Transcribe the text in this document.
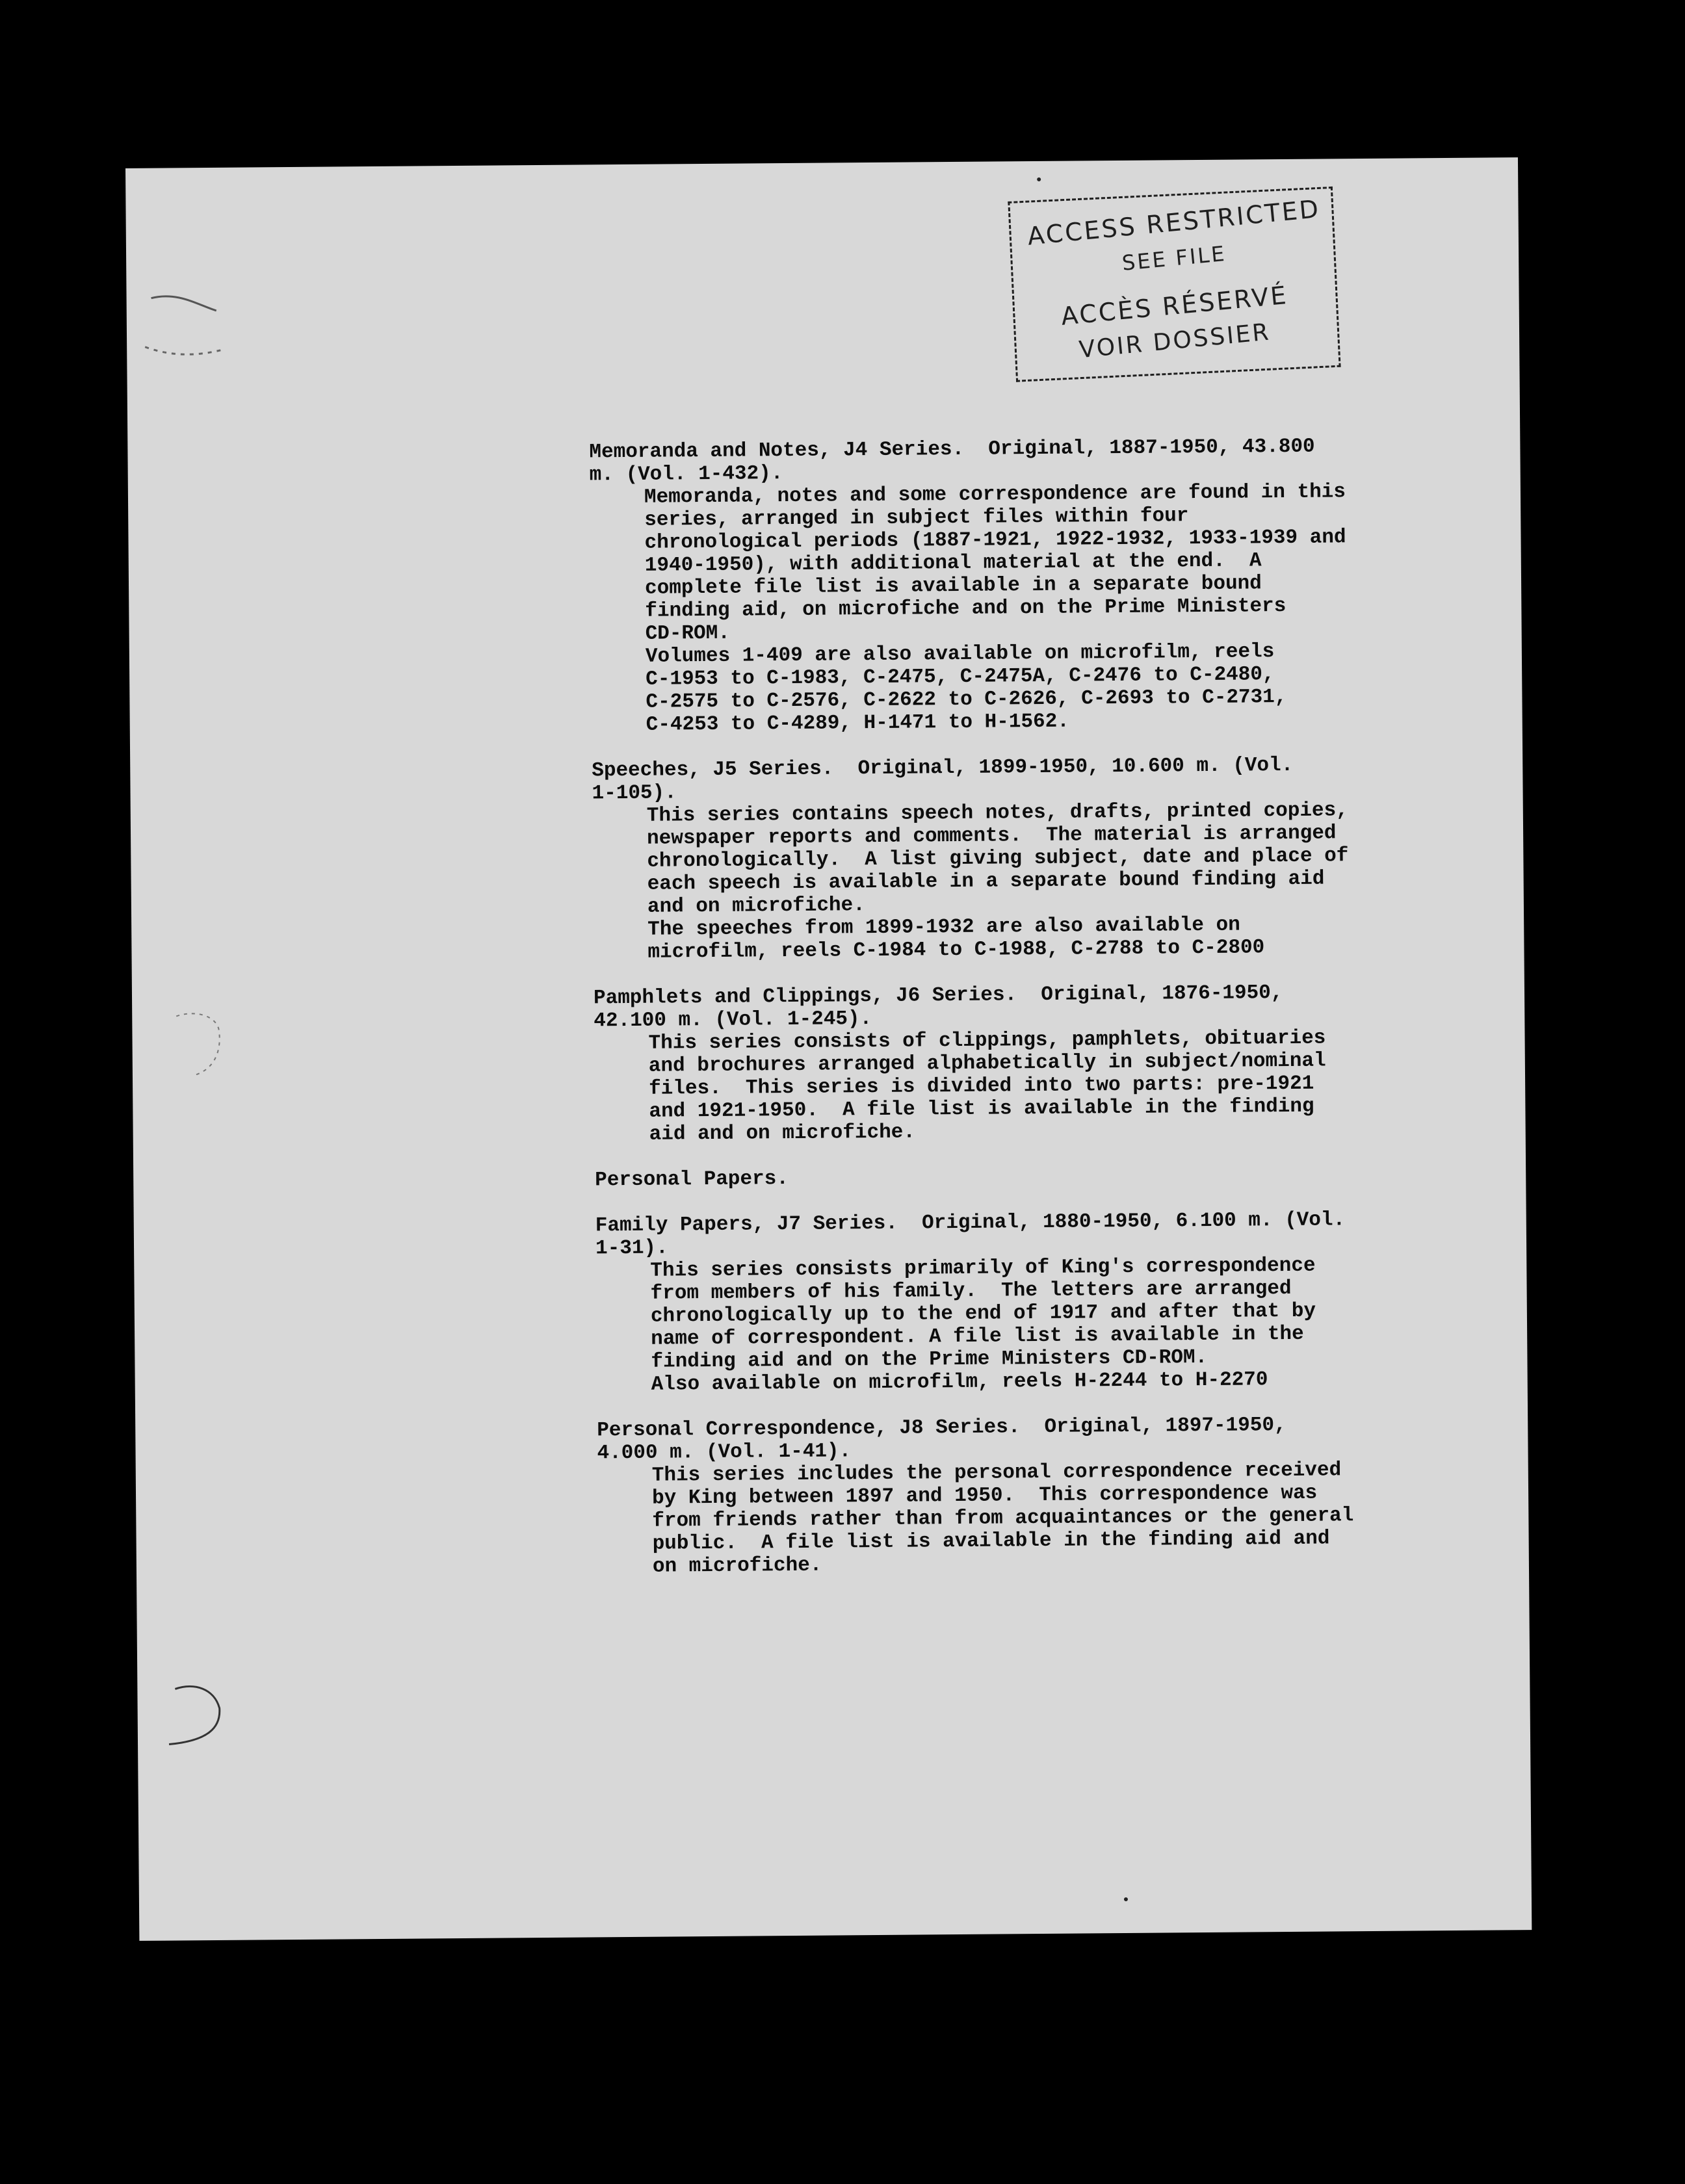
ACCESS RESTRICTED
SEE FILE
ACCÈS RÉSERVÉ
VOIR DOSSIER
Memoranda and Notes, J4 Series.  Original, 1887-1950, 43.800
m. (Vol. 1-432).
Memoranda, notes and some correspondence are found in this
series, arranged in subject files within four
chronological periods (1887-1921, 1922-1932, 1933-1939 and
1940-1950), with additional material at the end.  A
complete file list is available in a separate bound
finding aid, on microfiche and on the Prime Ministers
CD-ROM.
Volumes 1-409 are also available on microfilm, reels
C-1953 to C-1983, C-2475, C-2475A, C-2476 to C-2480,
C-2575 to C-2576, C-2622 to C-2626, C-2693 to C-2731,
C-4253 to C-4289, H-1471 to H-1562.
Speeches, J5 Series.  Original, 1899-1950, 10.600 m. (Vol.
1-105).
This series contains speech notes, drafts, printed copies,
newspaper reports and comments.  The material is arranged
chronologically.  A list giving subject, date and place of
each speech is available in a separate bound finding aid
and on microfiche.
The speeches from 1899-1932 are also available on
microfilm, reels C-1984 to C-1988, C-2788 to C-2800
Pamphlets and Clippings, J6 Series.  Original, 1876-1950,
42.100 m. (Vol. 1-245).
This series consists of clippings, pamphlets, obituaries
and brochures arranged alphabetically in subject/nominal
files.  This series is divided into two parts: pre-1921
and 1921-1950.  A file list is available in the finding
aid and on microfiche.
Personal Papers.
Family Papers, J7 Series.  Original, 1880-1950, 6.100 m. (Vol.
1-31).
This series consists primarily of King's correspondence
from members of his family.  The letters are arranged
chronologically up to the end of 1917 and after that by
name of correspondent. A file list is available in the
finding aid and on the Prime Ministers CD-ROM.
Also available on microfilm, reels H-2244 to H-2270
Personal Correspondence, J8 Series.  Original, 1897-1950,
4.000 m. (Vol. 1-41).
This series includes the personal correspondence received
by King between 1897 and 1950.  This correspondence was
from friends rather than from acquaintances or the general
public.  A file list is available in the finding aid and
on microfiche.
